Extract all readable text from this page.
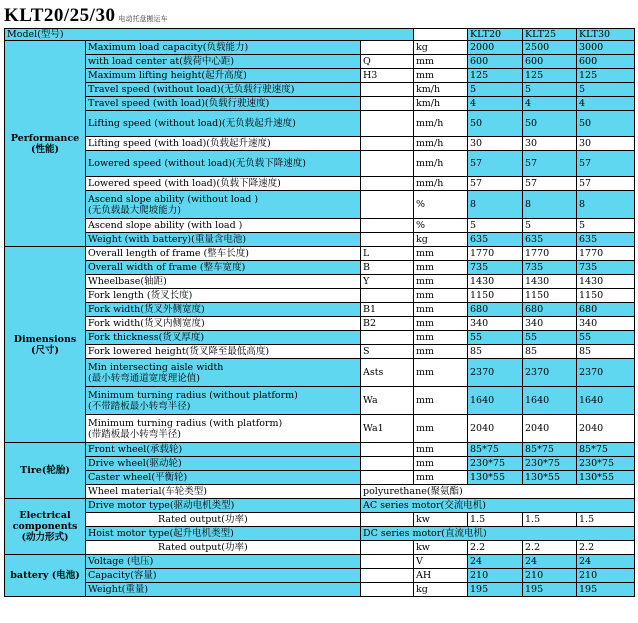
KLT20/25/30 电动托盘搬运车
Model(型号)				KLT20	KLT25	KLT30
Performance (性能)	Maximum load capacity(负载能力)		kg	2000	2500	3000
	with load center at(载荷中心距)	Q	mm	600	600	600
	Maximum lifting height(起升高度)	H3	mm	125	125	125
	Travel speed (without load)(无负载行驶速度)		km/h	5	5	5
	Travel speed (with load)(负载行驶速度)		km/h	4	4	4
	Lifting speed (without load)(无负载起升速度)		mm/h	50	50	50
	Lifting speed (with load)(负载起升速度)		mm/h	30	30	30
	Lowered speed (without load)(无负载下降速度)		mm/h	57	57	57
	Lowered speed (with load)(负载下降速度)		mm/h	57	57	57
	Ascend slope ability (without load )
(无负载最大爬坡能力)		%	8	8	8
	Ascend slope ability (with load )		%	5	5	5
	Weight (with battery)(重量含电池)		kg	635	635	635
Dimensions (尺寸)	Overall length of frame (整车长度)	L	mm	1770	1770	1770
	Overall width of frame (整车宽度)	B	mm	735	735	735
	Wheelbase(轴距)	Y	mm	1430	1430	1430
	Fork length (货叉长度)		mm	1150	1150	1150
	Fork width(货叉外侧宽度)	B1	mm	680	680	680
	Fork width(货叉内侧宽度)	B2	mm	340	340	340
	Fork thickness(货叉厚度)		mm	55	55	55
	Fork lowered height(货叉降至最低高度)	S	mm	85	85	85
	Min intersecting aisle width
(最小转弯通道宽度理论值)	Asts	mm	2370	2370	2370
	Minimum turning radius (without platform)
(不带踏板最小转弯半径)	Wa	mm	1640	1640	1640
	Minimum turning radius (with platform)
(带踏板最小转弯半径)	Wa1	mm	2040	2040	2040
Tire(轮胎)	Front wheel(承载轮)		mm	85*75	85*75	85*75
	Drive wheel(驱动轮)		mm	230*75	230*75	230*75
	Caster wheel(平衡轮)		mm	130*55	130*55	130*55
	Wheel material(车轮类型)	polyurethane(聚氨酯)				
Electrical components (动力形式)	Drive motor type(驱动电机类型)	AC series motor(交流电机)				
	Rated output(功率)		kw	1.5	1.5	1.5
	Hoist motor type(起升电机类型)	DC series motor(直流电机)				
	Rated output(功率)		kw	2.2	2.2	2.2
battery (电池)	Voltage (电压)		V	24	24	24
	Capacity(容量)		AH	210	210	210
	Weight(重量)		kg	195	195	195
